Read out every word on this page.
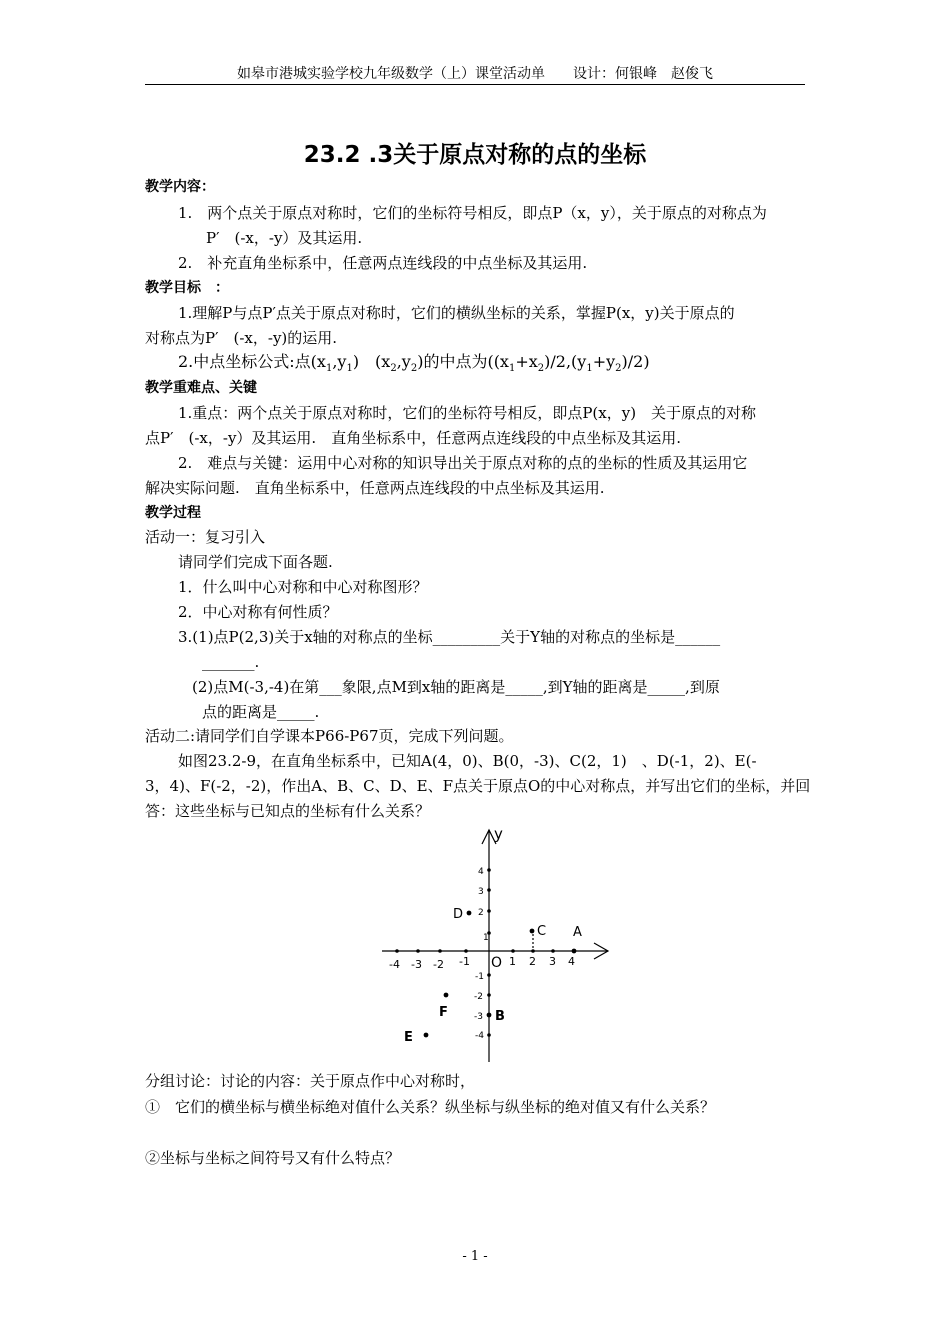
如皋市港城实验学校九年级数学（上）课堂活动单　　设计：何银峰　赵俊飞
23.2 .3关于原点对称的点的坐标
教学内容：
1.　两个点关于原点对称时，它们的坐标符号相反，即点P（x，y），关于原点的对称点为
P′　(-x，-y）及其运用.
2.　补充直角坐标系中，任意两点连线段的中点坐标及其运用.
教学目标　：
1.理解P与点P′点关于原点对称时，它们的横纵坐标的关系，掌握P(x，y)关于原点的
对称点为P′　(-x，-y)的运用.
2.中点坐标公式:点$(x_1,y_1)$　$(x_2,y_2)$的中点为$((x_1+x_2)/2,(y_1+y_2)/2)$
教学重难点、关键
1.重点：两个点关于原点对称时，它们的坐标符号相反，即点P(x，y)　关于原点的对称
点P′　(-x，-y）及其运用.　直角坐标系中，任意两点连线段的中点坐标及其运用.
2.　难点与关键：运用中心对称的知识导出关于原点对称的点的坐标的性质及其运用它
解决实际问题.　直角坐标系中，任意两点连线段的中点坐标及其运用.
教学过程
活动一：复习引入
请同学们完成下面各题.
1．什么叫中心对称和中心对称图形？
2．中心对称有何性质？
3.(1)点P(2,3)关于x轴的对称点的坐标_________关于Y轴的对称点的坐标是______
_______.
(2)点M(-3,-4)在第___象限,点M到x轴的距离是_____,到Y轴的距离是_____,到原
点的距离是_____.
活动二:请同学们自学课本P66-P67页，完成下列问题。
如图23.2-9，在直角坐标系中，已知A(4，0)、B(0，-3)、C(2，1)　、D(-1，2)、E(-
3，4)、F(-2，-2)，作出A、B、C、D、E、F点关于原点O的中心对称点，并写出它们的坐标，并回
答：这些坐标与已知点的坐标有什么关系？
y
O
-4 -3 -2 -1	1 2 3 4
4
3
2
1
-1
-2
-3
-4
A
B
C
D
E
F
分组讨论：讨论的内容：关于原点作中心对称时，
①　它们的横坐标与横坐标绝对值什么关系？纵坐标与纵坐标的绝对值又有什么关系？
②坐标与坐标之间符号又有什么特点？
- 1 -
